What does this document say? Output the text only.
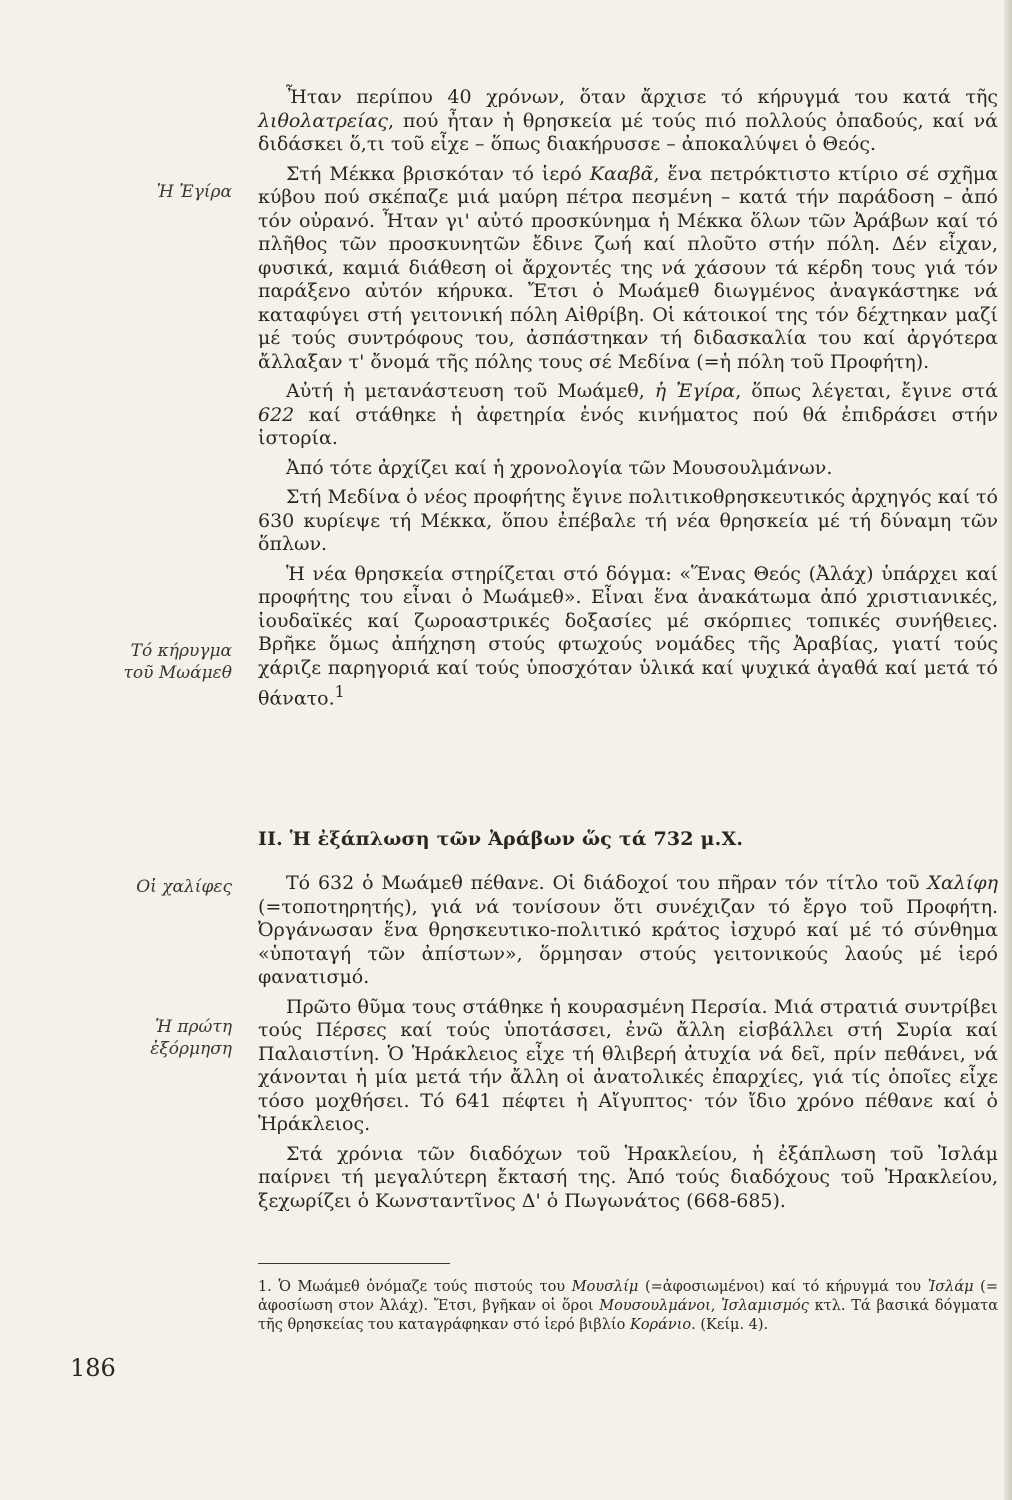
Ἡ Ἐγίρα
Τό κήρυγμα τοῦ Μωάμεθ
Οἱ χαλίφες
Ἡ πρώτη ἐξόρμηση

Ἦταν περίπου 40 χρόνων, ὅταν ἄρχισε τό κήρυγμά του κατά τῆς λιθολατρείας, πού ἦταν ἡ θρησκεία μέ τούς πιό πολλούς ὀπαδούς, καί νά διδάσκει ὅ,τι τοῦ εἶχε – ὅπως διακήρυσσε – ἀποκαλύψει ὁ Θεός.

Στή Μέκκα βρισκόταν τό ἱερό Κααβᾶ, ἕνα πετρόκτιστο κτίριο σέ σχῆμα κύβου πού σκέπαζε μιά μαύρη πέτρα πεσμένη – κατά τήν παράδοση – ἀπό τόν οὐρανό. Ἦταν γι' αὐτό προσκύνημα ἡ Μέκκα ὅλων τῶν Ἀράβων καί τό πλῆθος τῶν προσκυνητῶν ἔδινε ζωή καί πλοῦτο στήν πόλη. Δέν εἶχαν, φυσικά, καμιά διάθεση οἱ ἄρχοντές της νά χάσουν τά κέρδη τους γιά τόν παράξενο αὐτόν κήρυκα. Ἔτσι ὁ Μωάμεθ διωγμένος ἀναγκάστηκε νά καταφύγει στή γειτονική πόλη Αἰθρίβη. Οἱ κάτοικοί της τόν δέχτηκαν μαζί μέ τούς συντρόφους του, ἀσπάστηκαν τή διδασκαλία του καί ἀργότερα ἄλλαξαν τ' ὄνομά τῆς πόλης τους σέ Μεδίνα (=ἡ πόλη τοῦ Προφήτη).

Αὐτή ἡ μετανάστευση τοῦ Μωάμεθ, ἡ Ἐγίρα, ὅπως λέγεται, ἔγινε στά 622 καί στάθηκε ἡ ἀφετηρία ἑνός κινήματος πού θά ἐπιδράσει στήν ἱστορία.

Ἀπό τότε ἀρχίζει καί ἡ χρονολογία τῶν Μουσουλμάνων.

Στή Μεδίνα ὁ νέος προφήτης ἔγινε πολιτικοθρησκευτικός ἀρχηγός καί τό 630 κυρίεψε τή Μέκκα, ὅπου ἐπέβαλε τή νέα θρησκεία μέ τή δύναμη τῶν ὅπλων.

Ἡ νέα θρησκεία στηρίζεται στό δόγμα: «Ἕνας Θεός (Ἀλάχ) ὑπάρχει καί προφήτης του εἶναι ὁ Μωάμεθ». Εἶναι ἕνα ἀνακάτωμα ἀπό χριστιανικές, ἰουδαϊκές καί ζωροαστρικές δοξασίες μέ σκόρπιες τοπικές συνήθειες. Βρῆκε ὅμως ἀπήχηση στούς φτωχούς νομάδες τῆς Ἀραβίας, γιατί τούς χάριζε παρηγοριά καί τούς ὑποσχόταν ὑλικά καί ψυχικά ἀγαθά καί μετά τό θάνατο.$^1$

II. Ἡ ἐξάπλωση τῶν Ἀράβων ὥς τά 732 μ.Χ.

Τό 632 ὁ Μωάμεθ πέθανε. Οἱ διάδοχοί του πῆραν τόν τίτλο τοῦ Χαλίφη (=τοποτηρητής), γιά νά τονίσουν ὅτι συνέχιζαν τό ἔργο τοῦ Προφήτη. Ὀργάνωσαν ἕνα θρησκευτικο-πολιτικό κράτος ἰσχυρό καί μέ τό σύνθημα «ὑποταγή τῶν ἀπίστων», ὅρμησαν στούς γειτονικούς λαούς μέ ἱερό φανατισμό.

Πρῶτο θῦμα τους στάθηκε ἡ κουρασμένη Περσία. Μιά στρατιά συντρίβει τούς Πέρσες καί τούς ὑποτάσσει, ἐνῶ ἄλλη εἰσβάλλει στή Συρία καί Παλαιστίνη. Ὁ Ἡράκλειος εἶχε τή θλιβερή ἀτυχία νά δεῖ, πρίν πεθάνει, νά χάνονται ἡ μία μετά τήν ἄλλη οἱ ἀνατολικές ἐπαρχίες, γιά τίς ὁποῖες εἶχε τόσο μοχθήσει. Τό 641 πέφτει ἡ Αἴγυπτος· τόν ἴδιο χρόνο πέθανε καί ὁ Ἡράκλειος.

Στά χρόνια τῶν διαδόχων τοῦ Ἡρακλείου, ἡ ἐξάπλωση τοῦ Ἰσλάμ παίρνει τή μεγαλύτερη ἔκτασή της. Ἀπό τούς διαδόχους τοῦ Ἡρακλείου, ξεχωρίζει ὁ Κωνσταντῖνος Δ' ὁ Πωγωνάτος (668-685).

1. Ὁ Μωάμεθ ὀνόμαζε τούς πιστούς του Μουσλίμ (=ἀφοσιωμένοι) καί τό κήρυγμά του Ἰσλάμ (= ἀφοσίωση στον Ἀλάχ). Ἔτσι, βγῆκαν οἱ ὅροι Μουσουλμάνοι, Ἰσλαμισμός κτλ. Τά βασικά δόγματα τῆς θρησκείας του καταγράφηκαν στό ἱερό βιβλίο Κοράνιο. (Κείμ. 4).
186
